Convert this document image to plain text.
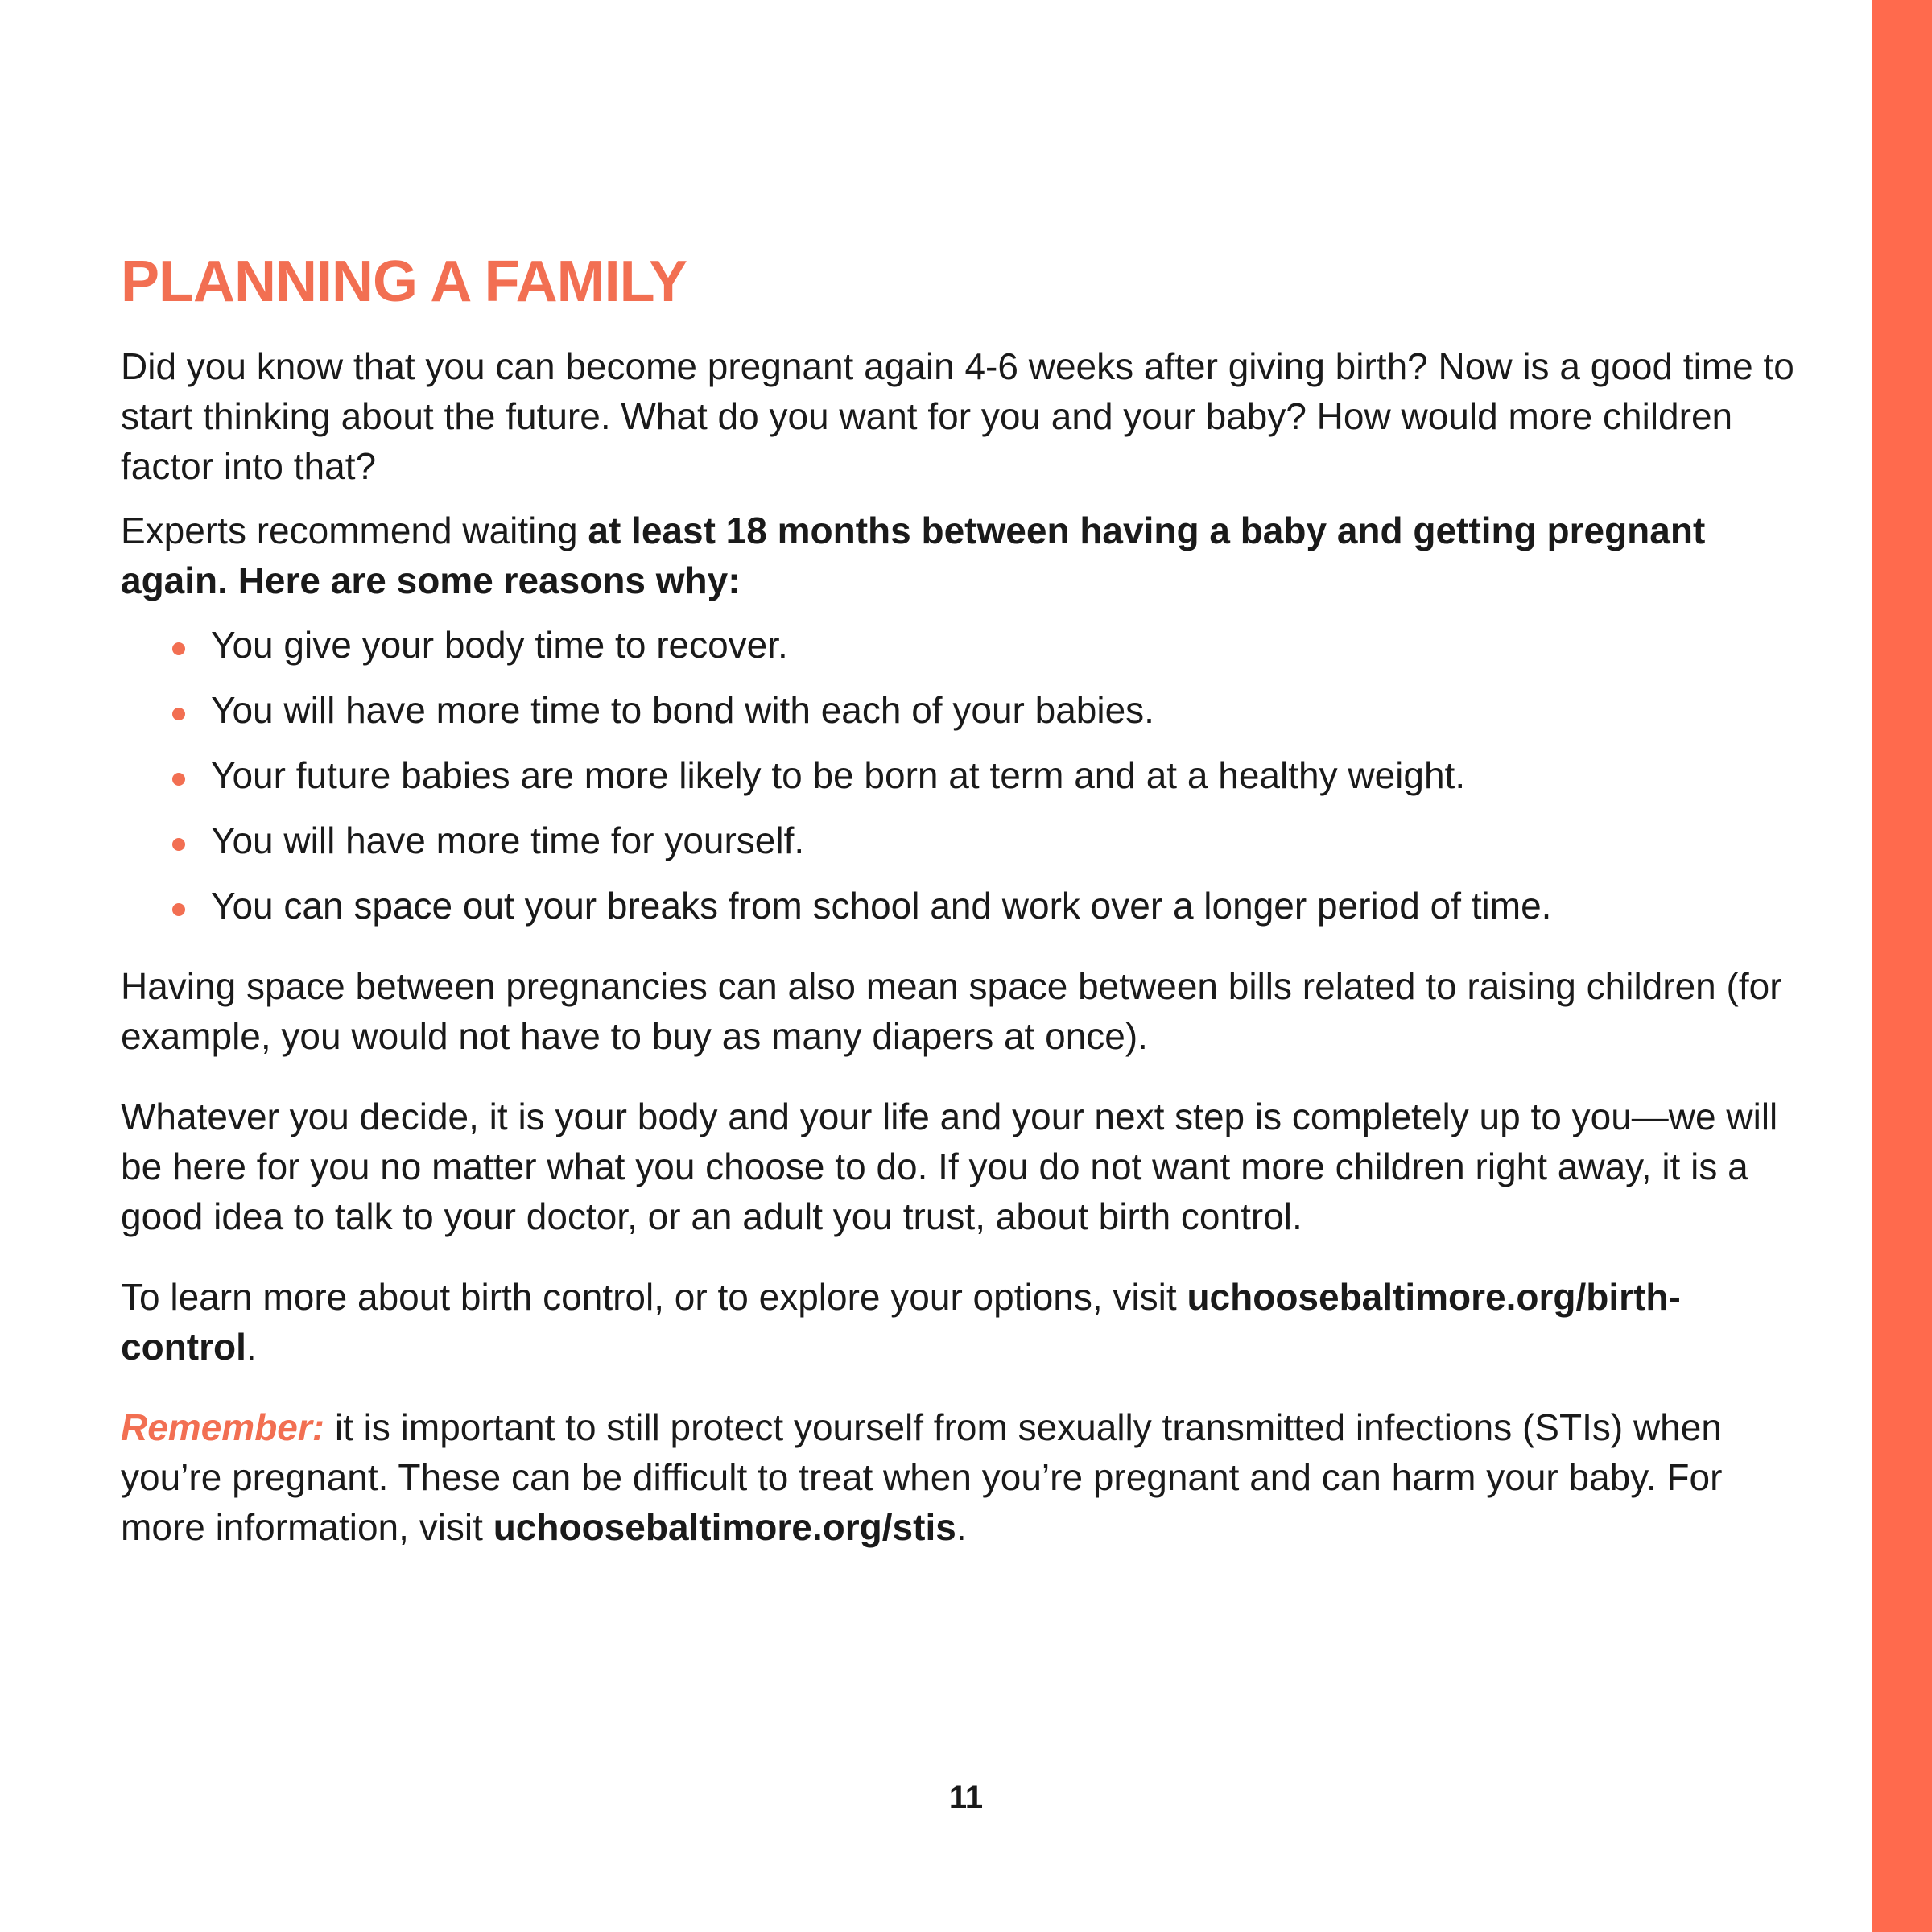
PLANNING A FAMILY

Did you know that you can become pregnant again 4-6 weeks after giving birth? Now is a good time to start thinking about the future. What do you want for you and your baby? How would more children factor into that?

Experts recommend waiting at least 18 months between having a baby and getting pregnant again. Here are some reasons why:

You give your body time to recover.
You will have more time to bond with each of your babies.
Your future babies are more likely to be born at term and at a healthy weight.
You will have more time for yourself.
You can space out your breaks from school and work over a longer period of time.

Having space between pregnancies can also mean space between bills related to raising children (for example, you would not have to buy as many diapers at once).

Whatever you decide, it is your body and your life and your next step is completely up to you—we will be here for you no matter what you choose to do. If you do not want more children right away, it is a good idea to talk to your doctor, or an adult you trust, about birth control.

To learn more about birth control, or to explore your options, visit uchoosebaltimore.org/birth-control.

Remember: it is important to still protect yourself from sexually transmitted infections (STIs) when you’re pregnant. These can be difficult to treat when you’re pregnant and can harm your baby. For more information, visit uchoosebaltimore.org/stis.

11
